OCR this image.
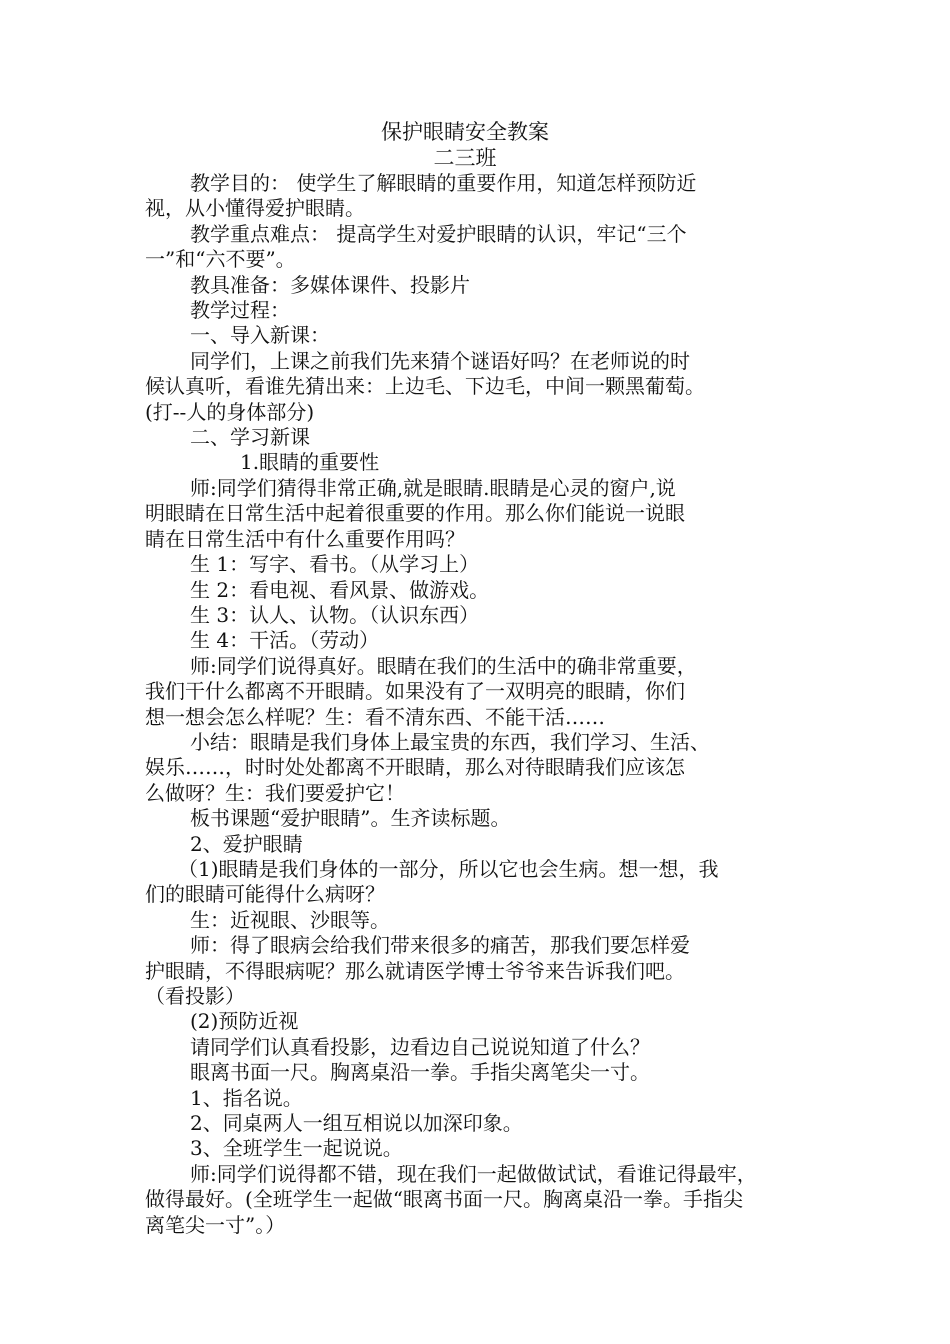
保护眼睛安全教案
二三班
教学目的： 使学生了解眼睛的重要作用，知道怎样预防近
视，从小懂得爱护眼睛。
教学重点难点： 提高学生对爱护眼睛的认识，牢记“三个
一”和“六不要”。
教具准备：多媒体课件、投影片
教学过程：
一、导入新课：
同学们，上课之前我们先来猜个谜语好吗？在老师说的时
候认真听，看谁先猜出来：上边毛、下边毛，中间一颗黑葡萄。
(打--人的身体部分)
二、学习新课
1.眼睛的重要性
师:同学们猜得非常正确,就是眼睛.眼睛是心灵的窗户,说
明眼睛在日常生活中起着很重要的作用。那么你们能说一说眼
睛在日常生活中有什么重要作用吗？
生 1：写字、看书。（从学习上）
生 2：看电视、看风景、做游戏。
生 3：认人、认物。（认识东西）
生 4：干活。（劳动）
师:同学们说得真好。眼睛在我们的生活中的确非常重要，
我们干什么都离不开眼睛。如果没有了一双明亮的眼睛，你们
想一想会怎么样呢？生：看不清东西、不能干活……
小结：眼睛是我们身体上最宝贵的东西，我们学习、生活、
娱乐……，时时处处都离不开眼睛，那么对待眼睛我们应该怎
么做呀？生：我们要爱护它！
板书课题“爱护眼睛”。生齐读标题。
2、爱护眼睛
（1)眼睛是我们身体的一部分，所以它也会生病。想一想，我
们的眼睛可能得什么病呀？
生：近视眼、沙眼等。
师：得了眼病会给我们带来很多的痛苦，那我们要怎样爱
护眼睛，不得眼病呢？那么就请医学博士爷爷来告诉我们吧。
（看投影）
(2)预防近视
请同学们认真看投影，边看边自己说说知道了什么？
眼离书面一尺。胸离桌沿一拳。手指尖离笔尖一寸。
1、指名说。
2、同桌两人一组互相说以加深印象。
3、全班学生一起说说。
师:同学们说得都不错，现在我们一起做做试试，看谁记得最牢，
做得最好。(全班学生一起做“眼离书面一尺。胸离桌沿一拳。手指尖
离笔尖一寸”。）
